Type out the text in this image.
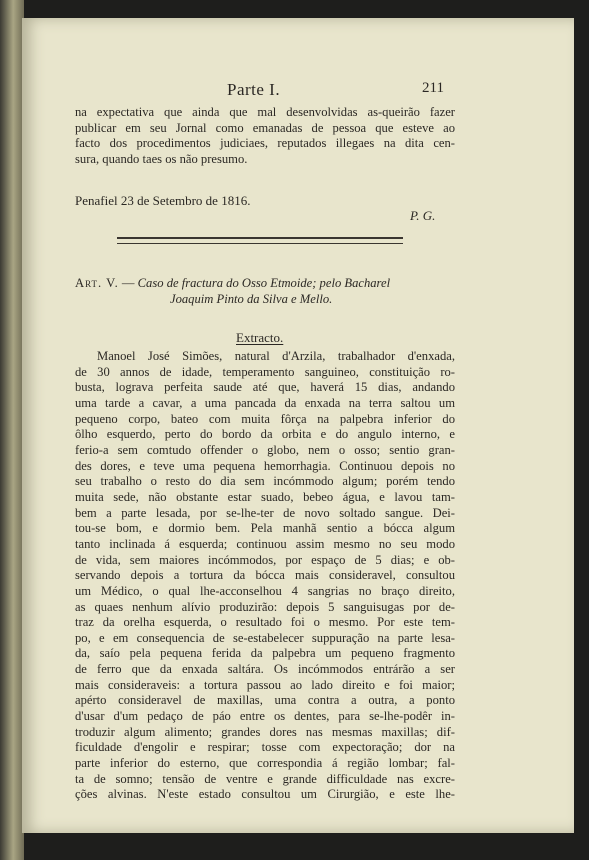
Parte I.	211
na expectativa que ainda que mal desenvolvidas as-queirão fazer
publicar em seu Jornal como emanadas de pessoa que esteve ao
facto dos procedimentos judiciaes, reputados illegaes na dita cen-
sura, quando taes os não presumo.
Penafiel 23 de Setembro de 1816.
P. G.
Art. V. — Caso de fractura do Osso Etmoide; pelo Bacharel
Joaquim Pinto da Silva e Mello.
Extracto.
Manoel José Simões, natural d'Arzila, trabalhador d'enxada,
de 30 annos de idade, temperamento sanguineo, constituição ro-
busta, lograva perfeita saude até que, haverá 15 dias, andando
uma tarde a cavar, a uma pancada da enxada na terra saltou um
pequeno corpo, bateo com muita fôrça na palpebra inferior do
ôlho esquerdo, perto do bordo da orbita e do angulo interno, e
ferio-a sem comtudo offender o globo, nem o osso; sentio gran-
des dores, e teve uma pequena hemorrhagia. Continuou depois no
seu trabalho o resto do dia sem incómmodo algum; porém tendo
muita sede, não obstante estar suado, bebeo água, e lavou tam-
bem a parte lesada, por se-lhe-ter de novo soltado sangue. Dei-
tou-se bom, e dormio bem. Pela manhã sentio a bócca algum
tanto inclinada á esquerda; continuou assim mesmo no seu modo
de vida, sem maiores incómmodos, por espaço de 5 dias; e ob-
servando depois a tortura da bócca mais consideravel, consultou
um Médico, o qual lhe-acconselhou 4 sangrias no braço direito,
as quaes nenhum alívio produzirão: depois 5 sanguisugas por de-
traz da orelha esquerda, o resultado foi o mesmo. Por este tem-
po, e em consequencia de se-estabelecer suppuração na parte lesa-
da, saío pela pequena ferida da palpebra um pequeno fragmento
de ferro que da enxada saltára. Os incómmodos entrárão a ser
mais consideraveis: a tortura passou ao lado direito e foi maior;
apérto consideravel de maxillas, uma contra a outra, a ponto
d'usar d'um pedaço de páo entre os dentes, para se-lhe-podêr in-
troduzir algum alimento; grandes dores nas mesmas maxillas; dif-
ficuldade d'engolir e respirar; tosse com expectoração; dor na
parte inferior do esterno, que correspondia á região lombar; fal-
ta de somno; tensão de ventre e grande difficuldade nas excre-
ções alvinas. N'este estado consultou um Cirurgião, e este lhe-
